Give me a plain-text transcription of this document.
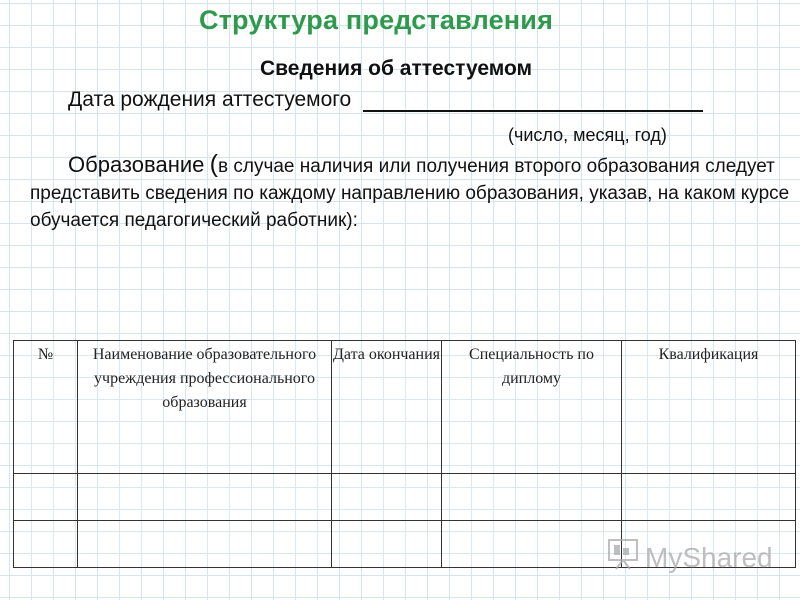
Структура представления
Сведения об аттестуемом
Дата рождения аттестуемого
(число, месяц, год)
Образование (в случае наличия или получения второго образования следует представить сведения по каждому направлению образования, указав, на каком курсе обучается педагогический работник):
№	Наименование образовательного учреждения профессионального образования	Дата окончания	Специальность по диплому	Квалификация

MyShared
